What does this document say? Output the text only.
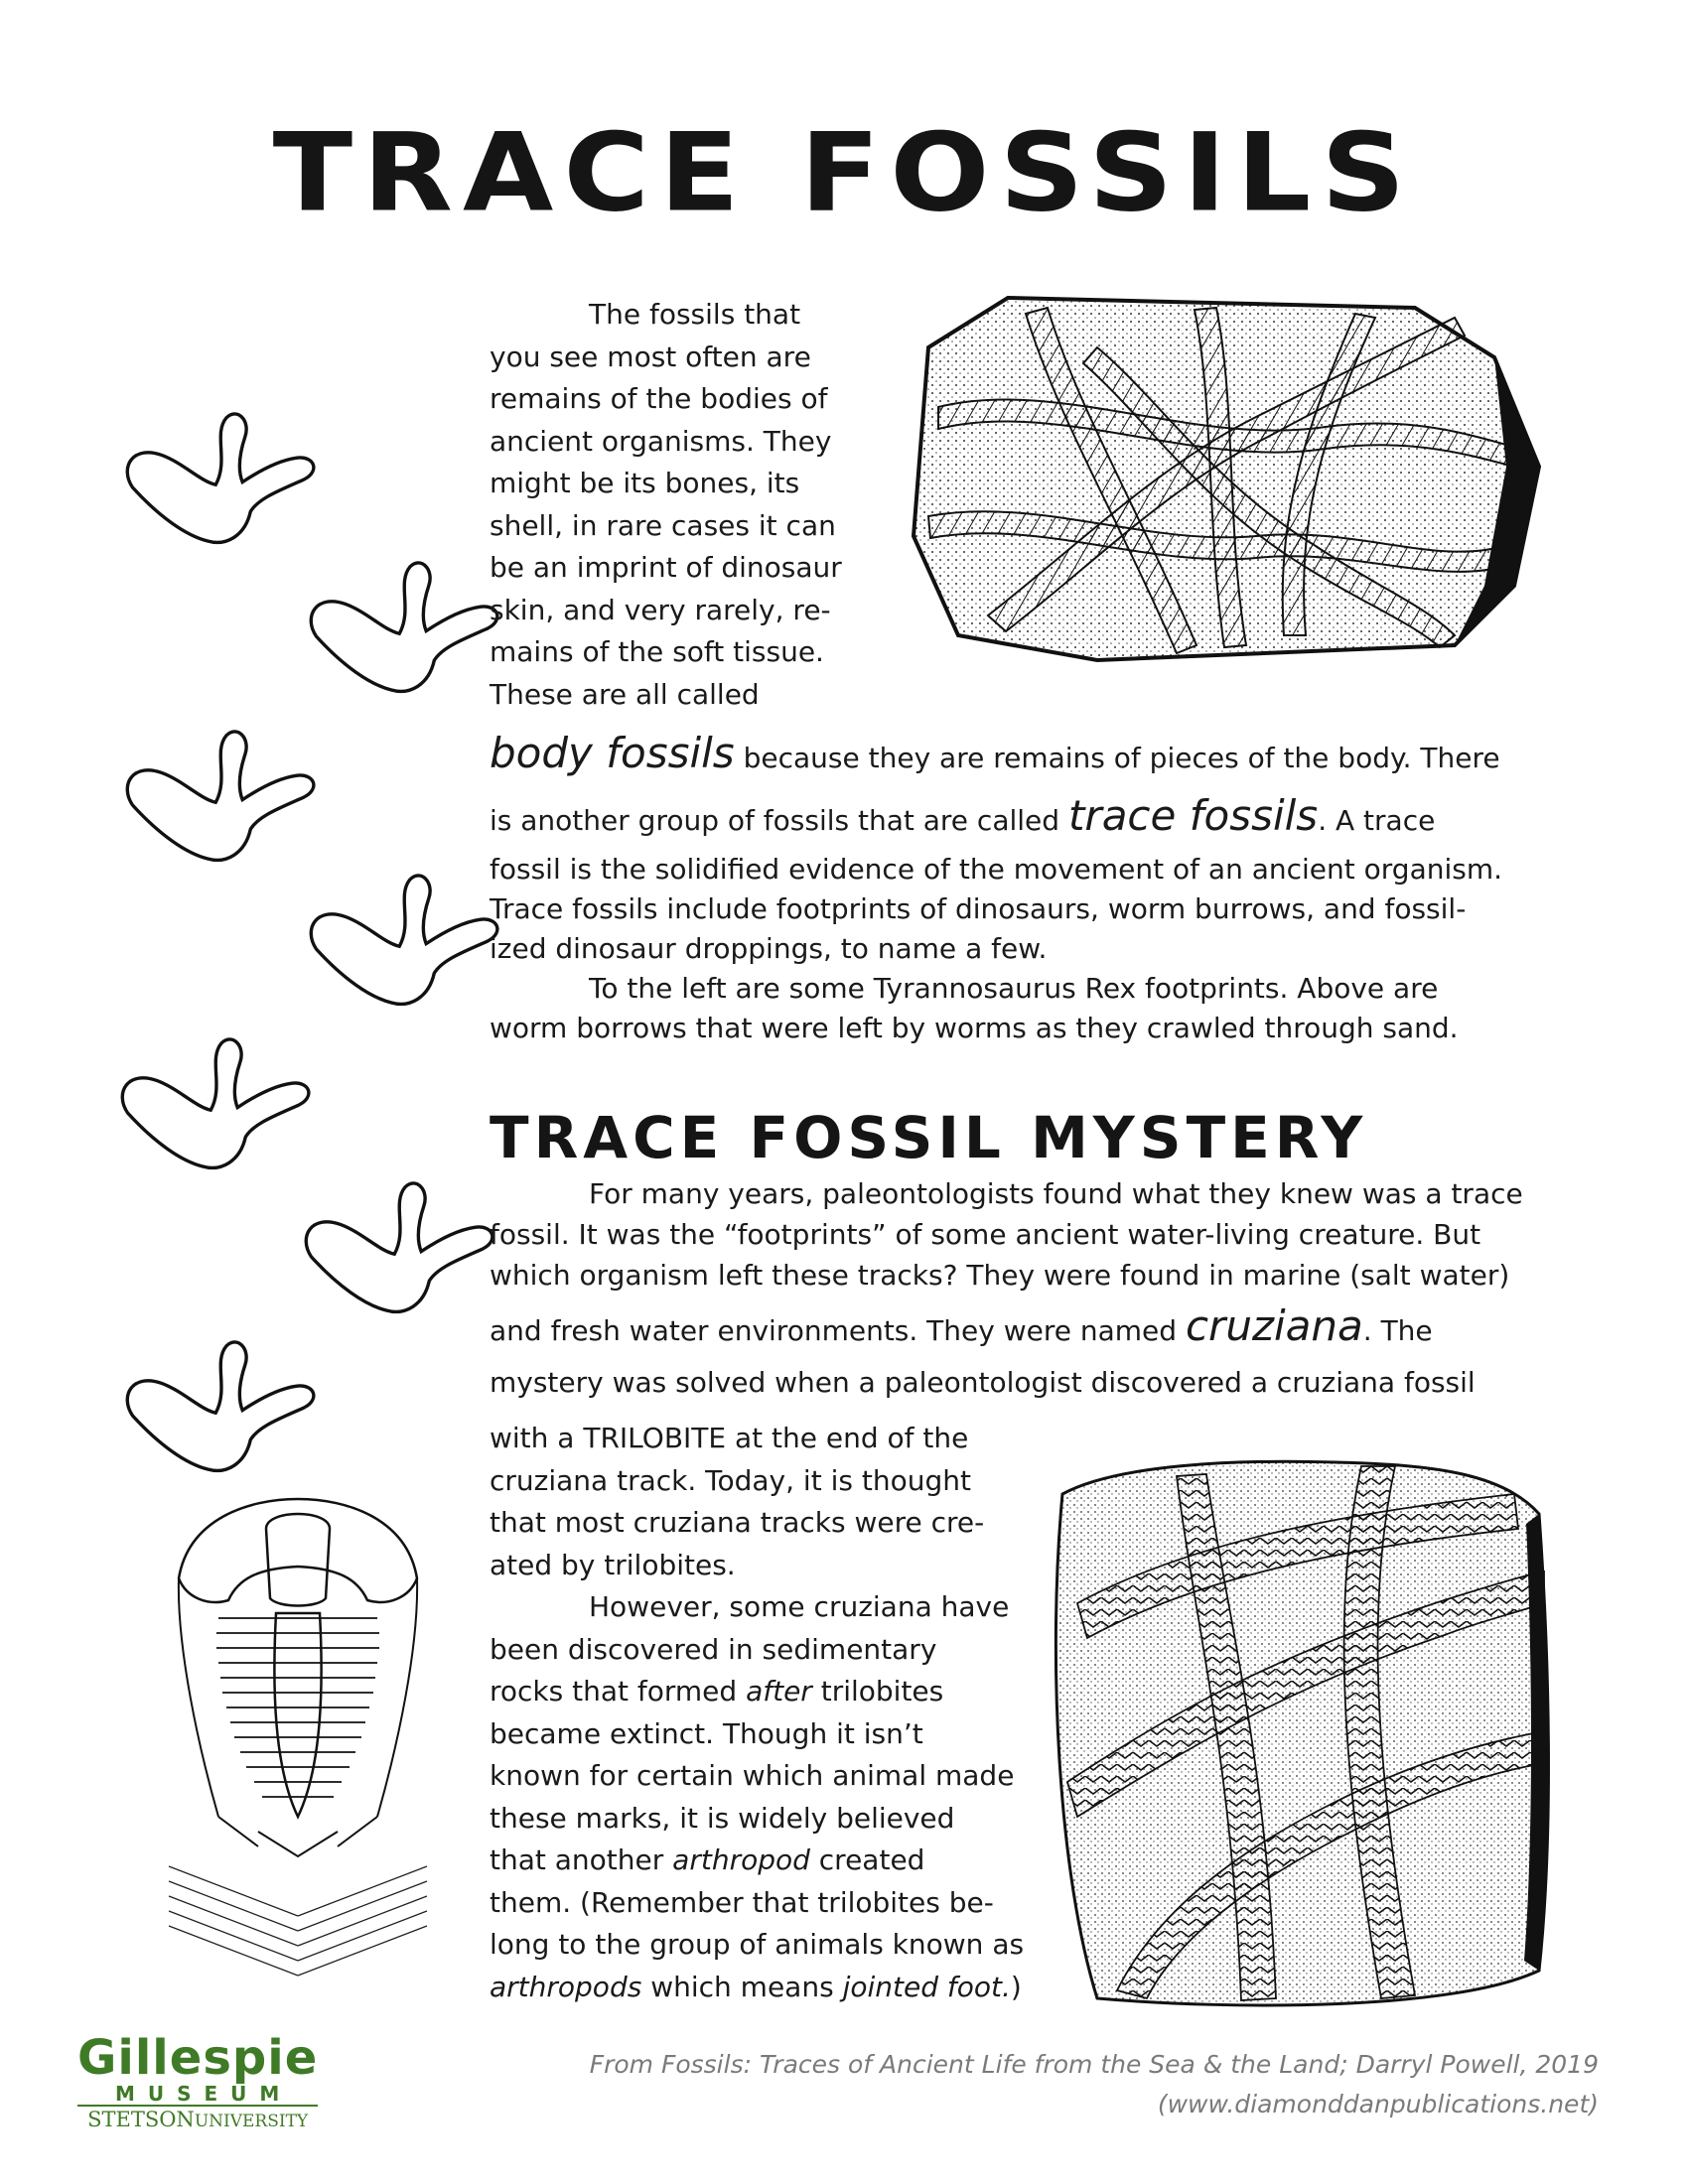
TRACE FOSSILS
The fossils that
you see most often are
remains of the bodies of
ancient organisms. They
might be its bones, its
shell, in rare cases it can
be an imprint of dinosaur
skin, and very rarely, re-
mains of the soft tissue.
These are all called
body fossils because they are remains of pieces of the body. There
is another group of fossils that are called trace fossils. A trace
fossil is the solidified evidence of the movement of an ancient organism.
Trace fossils include footprints of dinosaurs, worm burrows, and fossil-
ized dinosaur droppings, to name a few.
To the left are some Tyrannosaurus Rex footprints. Above are
worm borrows that were left by worms as they crawled through sand.
TRACE FOSSIL MYSTERY
For many years, paleontologists found what they knew was a trace
fossil. It was the “footprints” of some ancient water-living creature. But
which organism left these tracks? They were found in marine (salt water)
and fresh water environments. They were named cruziana. The
mystery was solved when a paleontologist discovered a cruziana fossil
with a TRILOBITE at the end of the
cruziana track. Today, it is thought
that most cruziana tracks were cre-
ated by trilobites.
However, some cruziana have
been discovered in sedimentary
rocks that formed after trilobites
became extinct. Though it isn’t
known for certain which animal made
these marks, it is widely believed
that another arthropod created
them. (Remember that trilobites be-
long to the group of animals known as
arthropods which means jointed foot.)
Gillespie
MUSEUM
STETSONUNIVERSITY
From Fossils: Traces of Ancient Life from the Sea & the Land; Darryl Powell, 2019
(www.diamonddanpublications.net)
